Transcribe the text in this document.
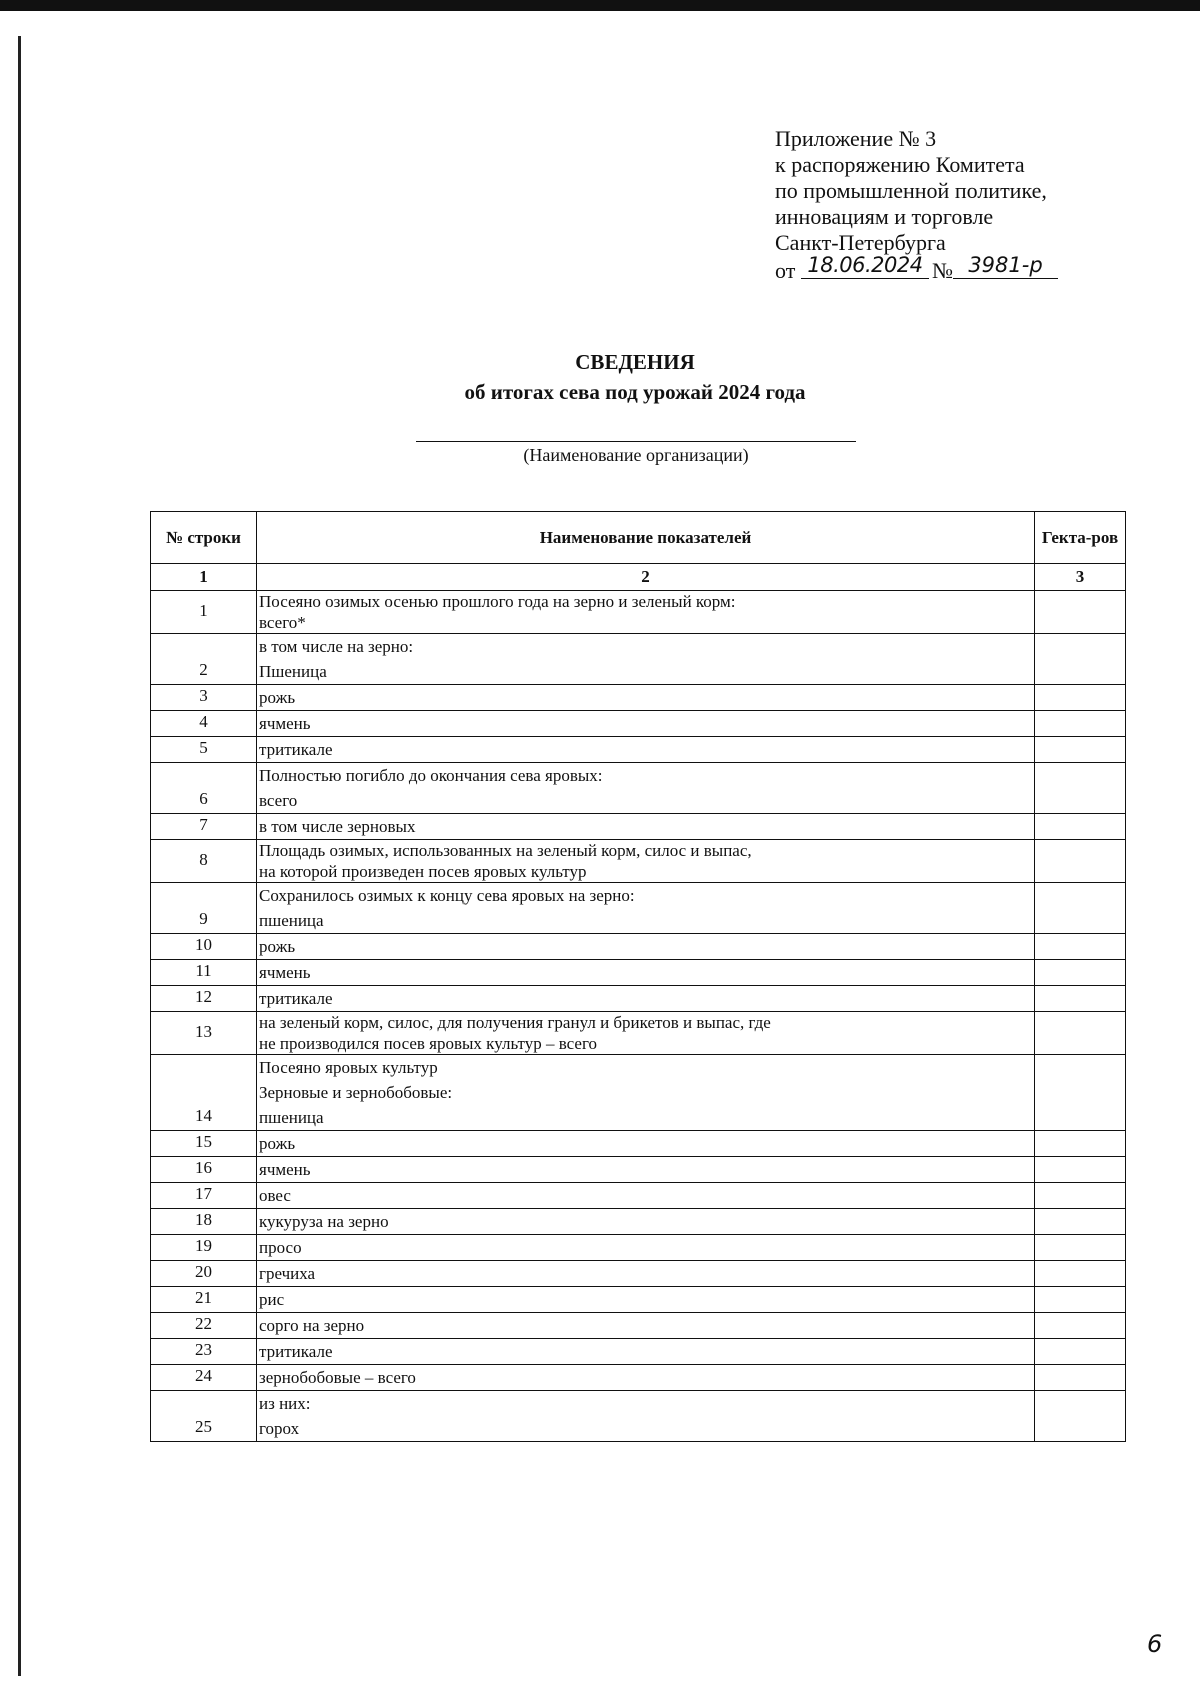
Приложение № 3
к распоряжению Комитета
по промышленной политике,
инновациям и торговле
Санкт-Петербурга
от 18.06.2024 № 3981-р
СВЕДЕНИЯ
об итогах сева под урожай 2024 года
(Наименование организации)
№ строки	Наименование показателей	Гекта-ров
1	2	3
1	Посеяно озимых осенью прошлого года на зерно и зеленый корм:
всего*	

2	в том числе на зерно:
Пшеница	

3	рожь	

4	ячмень	

5	тритикале	

6	Полностью погибло до окончания сева яровых:
всего	

7	в том числе зерновых	

8	Площадь озимых, использованных на зеленый корм, силос и выпас,
на которой произведен посев яровых культур	

9	Сохранилось озимых к концу сева яровых на зерно:
пшеница	

10	рожь	

11	ячмень	

12	тритикале	

13	на зеленый корм, силос, для получения гранул и брикетов и выпас, где
не производился посев яровых культур – всего	

14	Посеяно яровых культур
Зерновые и зернобобовые:
пшеница	

15	рожь	

16	ячмень	

17	овес	

18	кукуруза на зерно	

19	просо	

20	гречиха	

21	рис	

22	сорго на зерно	

23	тритикале	

24	зернобобовые – всего	

25	из них:
горох	

6
